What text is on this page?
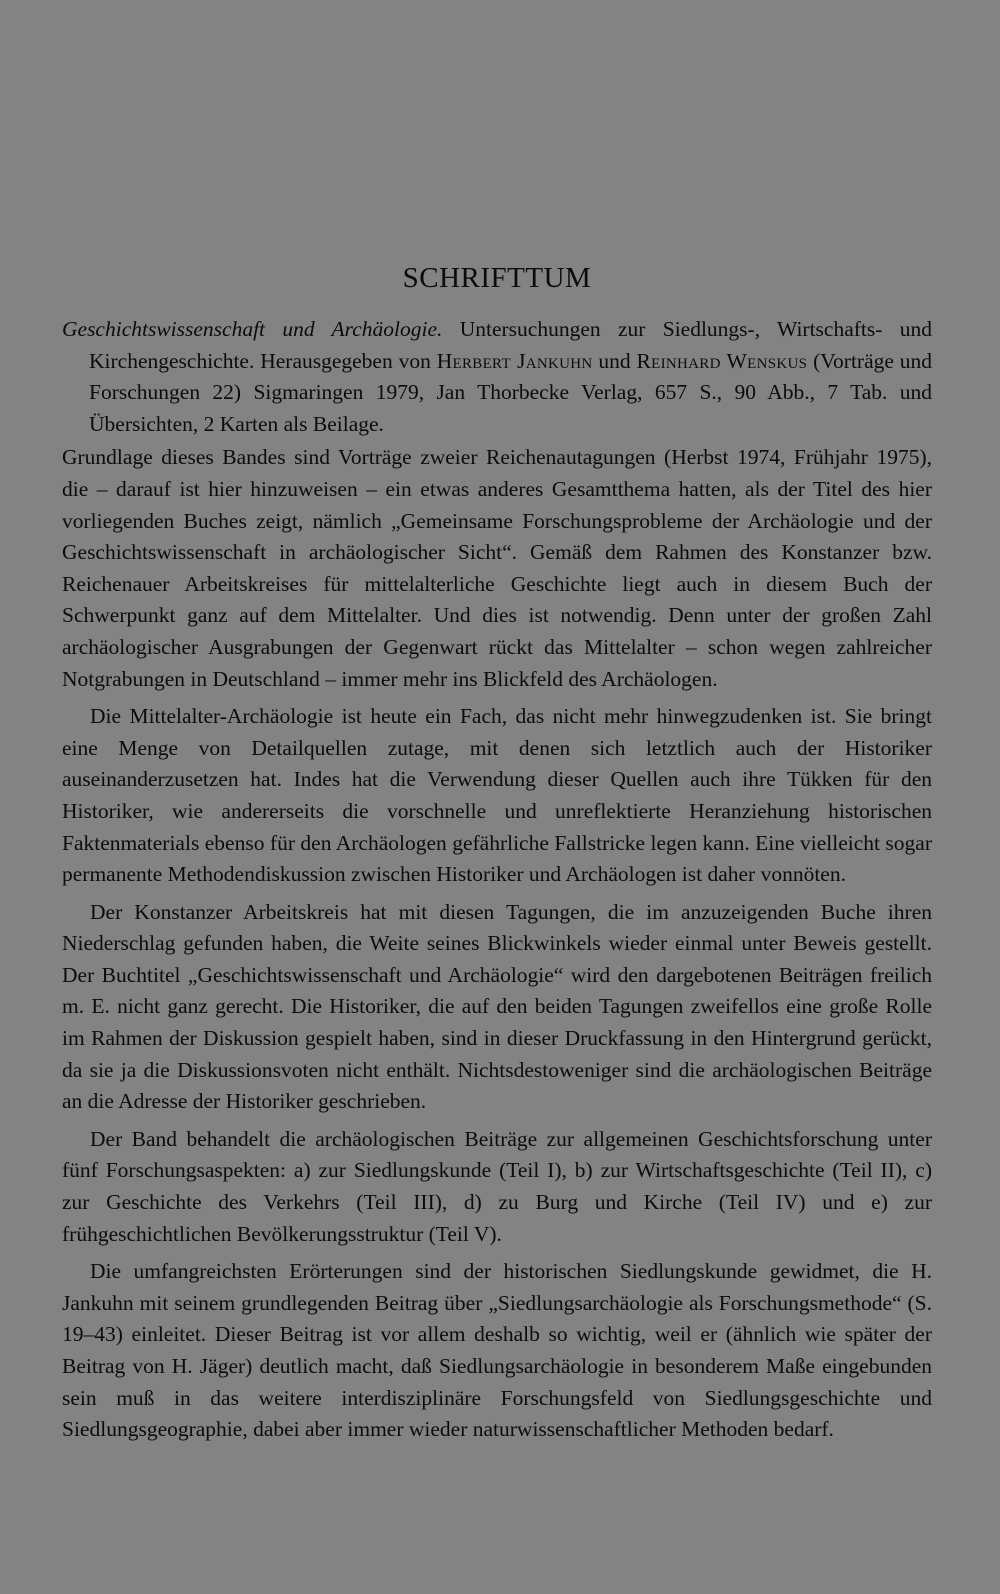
SCHRIFTTUM

Geschichtswissenschaft und Archäologie. Untersuchungen zur Siedlungs-, Wirtschafts- und Kirchengeschichte. Herausgegeben von Herbert Jankuhn und Reinhard Wenskus (Vorträge und Forschungen 22) Sigmaringen 1979, Jan Thorbecke Verlag, 657 S., 90 Abb., 7 Tab. und Übersichten, 2 Karten als Beilage.

Grundlage dieses Bandes sind Vorträge zweier Reichenautagungen (Herbst 1974, Frühjahr 1975), die – darauf ist hier hinzuweisen – ein etwas anderes Gesamtthema hatten, als der Titel des hier vorliegenden Buches zeigt, nämlich „Gemeinsame Forschungsprobleme der Archäologie und der Geschichtswissenschaft in archäologischer Sicht“. Gemäß dem Rahmen des Konstanzer bzw. Reichenauer Arbeitskreises für mittelalterliche Geschichte liegt auch in diesem Buch der Schwerpunkt ganz auf dem Mittelalter. Und dies ist notwendig. Denn unter der großen Zahl archäologischer Ausgrabungen der Gegenwart rückt das Mittelalter – schon wegen zahlreicher Notgrabungen in Deutschland – immer mehr ins Blickfeld des Archäologen.

Die Mittelalter-Archäologie ist heute ein Fach, das nicht mehr hinwegzudenken ist. Sie bringt eine Menge von Detailquellen zutage, mit denen sich letztlich auch der Historiker auseinanderzusetzen hat. Indes hat die Verwendung dieser Quellen auch ihre Tükken für den Historiker, wie andererseits die vorschnelle und unreflektierte Heranziehung historischen Faktenmaterials ebenso für den Archäologen gefährliche Fallstricke legen kann. Eine vielleicht sogar permanente Methodendiskussion zwischen Historiker und Archäologen ist daher vonnöten.

Der Konstanzer Arbeitskreis hat mit diesen Tagungen, die im anzuzeigenden Buche ihren Niederschlag gefunden haben, die Weite seines Blickwinkels wieder einmal unter Beweis gestellt. Der Buchtitel „Geschichtswissenschaft und Archäologie“ wird den dargebotenen Beiträgen freilich m. E. nicht ganz gerecht. Die Historiker, die auf den beiden Tagungen zweifellos eine große Rolle im Rahmen der Diskussion gespielt haben, sind in dieser Druckfassung in den Hintergrund gerückt, da sie ja die Diskussionsvoten nicht enthält. Nichtsdestoweniger sind die archäologischen Beiträge an die Adresse der Historiker geschrieben.

Der Band behandelt die archäologischen Beiträge zur allgemeinen Geschichtsforschung unter fünf Forschungsaspekten: a) zur Siedlungskunde (Teil I), b) zur Wirtschaftsgeschichte (Teil II), c) zur Geschichte des Verkehrs (Teil III), d) zu Burg und Kirche (Teil IV) und e) zur frühgeschichtlichen Bevölkerungsstruktur (Teil V).

Die umfangreichsten Erörterungen sind der historischen Siedlungskunde gewidmet, die H. Jankuhn mit seinem grundlegenden Beitrag über „Siedlungsarchäologie als Forschungsmethode“ (S. 19–43) einleitet. Dieser Beitrag ist vor allem deshalb so wichtig, weil er (ähnlich wie später der Beitrag von H. Jäger) deutlich macht, daß Siedlungsarchäologie in besonderem Maße eingebunden sein muß in das weitere interdisziplinäre Forschungsfeld von Siedlungsgeschichte und Siedlungsgeographie, dabei aber immer wieder naturwissenschaftlicher Methoden bedarf.
